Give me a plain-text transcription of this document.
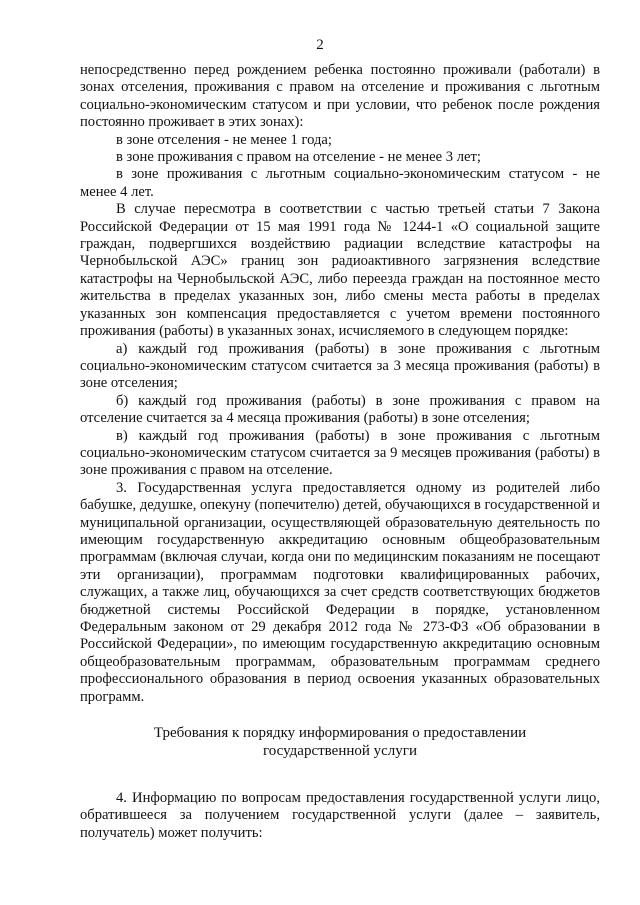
2

непосредственно перед рождением ребенка постоянно проживали (работали) в зонах отселения, проживания с правом на отселение и проживания с льготным социально-экономическим статусом и при условии, что ребенок после рождения постоянно проживает в этих зонах):

в зоне отселения - не менее 1 года;

в зоне проживания с правом на отселение - не менее 3 лет;

в зоне проживания с льготным социально-экономическим статусом - не менее 4 лет.

В случае пересмотра в соответствии с частью третьей статьи 7 Закона Российской Федерации от 15 мая 1991 года № 1244-1 «О социальной защите граждан, подвергшихся воздействию радиации вследствие катастрофы на Чернобыльской АЭС» границ зон радиоактивного загрязнения вследствие катастрофы на Чернобыльской АЭС, либо переезда граждан на постоянное место жительства в пределах указанных зон, либо смены места работы в пределах указанных зон компенсация предоставляется с учетом времени постоянного проживания (работы) в указанных зонах, исчисляемого в следующем порядке:

а) каждый год проживания (работы) в зоне проживания с льготным социально-экономическим статусом считается за 3 месяца проживания (работы) в зоне отселения;

б) каждый год проживания (работы) в зоне проживания с правом на отселение считается за 4 месяца проживания (работы) в зоне отселения;

в) каждый год проживания (работы) в зоне проживания с льготным социально-экономическим статусом считается за 9 месяцев проживания (работы) в зоне проживания с правом на отселение.

3. Государственная услуга предоставляется одному из родителей либо бабушке, дедушке, опекуну (попечителю) детей, обучающихся в государственной и муниципальной организации, осуществляющей образовательную деятельность по имеющим государственную аккредитацию основным общеобразовательным программам (включая случаи, когда они по медицинским показаниям не посещают эти организации), программам подготовки квалифицированных рабочих, служащих, а также лиц, обучающихся за счет средств соответствующих бюджетов бюджетной системы Российской Федерации в порядке, установленном Федеральным законом от 29 декабря 2012 года № 273-ФЗ «Об образовании в Российской Федерации», по имеющим государственную аккредитацию основным общеобразовательным программам, образовательным программам среднего профессионального образования в период освоения указанных образовательных программ.

Требования к порядку информирования о предоставлении
государственной услуги

4. Информацию по вопросам предоставления государственной услуги лицо, обратившееся за получением государственной услуги (далее – заявитель, получатель) может получить:
